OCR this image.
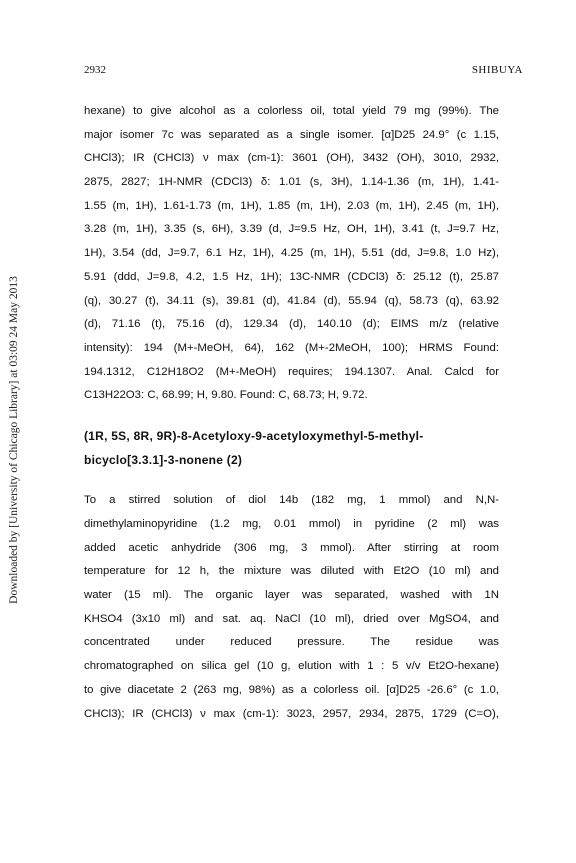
Downloaded by [University of Chicago Library] at 03:09 24 May 2013
2932	SHIBUYA
hexane) to give alcohol as a colorless oil, total yield 79 mg (99%). The
major isomer 7c was separated as a single isomer. [α]D25 24.9° (c 1.15,
CHCl3); IR (CHCl3) ν max (cm-1): 3601 (OH), 3432 (OH), 3010, 2932,
2875, 2827; 1H-NMR (CDCl3) δ: 1.01 (s, 3H), 1.14-1.36 (m, 1H), 1.41-
1.55 (m, 1H), 1.61-1.73 (m, 1H), 1.85 (m, 1H), 2.03 (m, 1H), 2.45 (m, 1H),
3.28 (m, 1H), 3.35 (s, 6H), 3.39 (d, J=9.5 Hz, OH, 1H), 3.41 (t, J=9.7 Hz,
1H), 3.54 (dd, J=9.7, 6.1 Hz, 1H), 4.25 (m, 1H), 5.51 (dd, J=9.8, 1.0 Hz),
5.91 (ddd, J=9.8, 4.2, 1.5 Hz, 1H); 13C-NMR (CDCl3) δ: 25.12 (t), 25.87
(q), 30.27 (t), 34.11 (s), 39.81 (d), 41.84 (d), 55.94 (q), 58.73 (q), 63.92
(d), 71.16 (t), 75.16 (d), 129.34 (d), 140.10 (d); EIMS m/z (relative
intensity): 194 (M+-MeOH, 64), 162 (M+-2MeOH, 100); HRMS Found:
194.1312, C12H18O2 (M+-MeOH) requires; 194.1307. Anal. Calcd for
C13H22O3: C, 68.99; H, 9.80. Found: C, 68.73; H, 9.72.
(1R, 5S, 8R, 9R)-8-Acetyloxy-9-acetyloxymethyl-5-methyl-
bicyclo[3.3.1]-3-nonene (2)
To a stirred solution of diol 14b (182 mg, 1 mmol) and N,N-
dimethylaminopyridine (1.2 mg, 0.01 mmol) in pyridine (2 ml) was
added acetic anhydride (306 mg, 3 mmol). After stirring at room
temperature for 12 h, the mixture was diluted with Et2O (10 ml) and
water (15 ml). The organic layer was separated, washed with 1N
KHSO4 (3x10 ml) and sat. aq. NaCl (10 ml), dried over MgSO4, and
concentrated under reduced pressure. The residue was
chromatographed on silica gel (10 g, elution with 1 : 5 v/v Et2O-hexane)
to give diacetate 2 (263 mg, 98%) as a colorless oil. [α]D25 -26.6° (c 1.0,
CHCl3); IR (CHCl3) ν max (cm-1): 3023, 2957, 2934, 2875, 1729 (C=O),
